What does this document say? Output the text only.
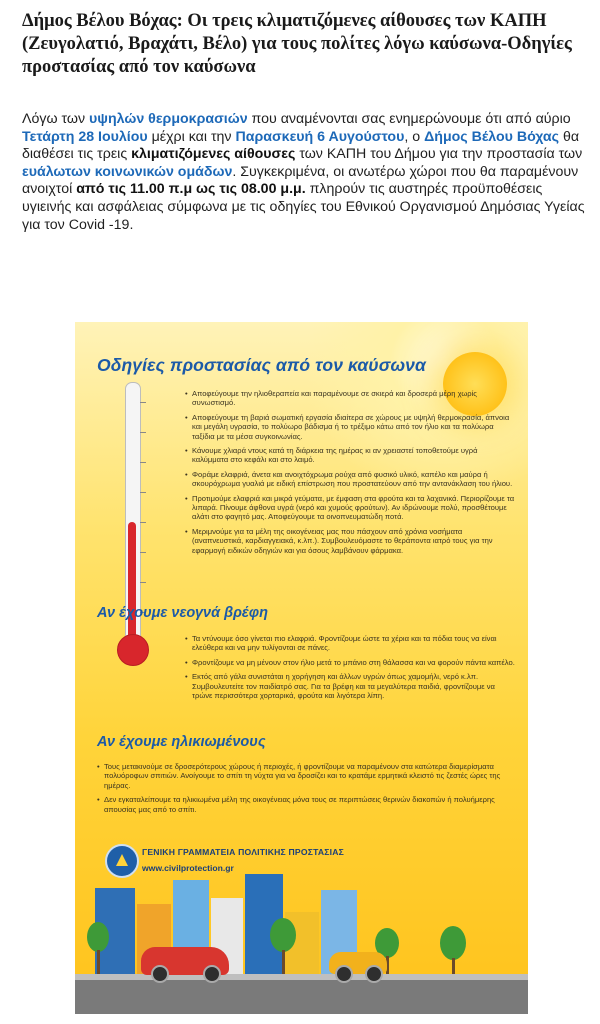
Δήμος Βέλου Βόχας: Οι τρεις κλιματιζόμενες αίθουσες των ΚΑΠΗ (Ζευγολατιό, Βραχάτι, Βέλο) για τους πολίτες λόγω καύσωνα-Οδηγίες προστασίας από τον καύσωνα

Λόγω των υψηλών θερμοκρασιών που αναμένονται σας ενημερώνουμε ότι από αύριο Τετάρτη 28 Ιουλίου μέχρι και την Παρασκευή 6 Αυγούστου, ο Δήμος Βέλου Βόχας θα διαθέσει τις τρεις κλιματιζόμενες αίθουσες των ΚΑΠΗ του Δήμου για την προστασία των ευάλωτων κοινωνικών ομάδων. Συγκεκριμένα, οι ανωτέρω χώροι που θα παραμένουν ανοιχτοί από τις 11.00 π.μ ως τις 08.00 μ.μ. πληρούν τις αυστηρές προϋποθέσεις υγιεινής και ασφάλειας σύμφωνα με τις οδηγίες του Εθνικού Οργανισμού Δημόσιας Υγείας για τον Covid -19.

Οδηγίες προστασίας από τον καύσωνα
• Αποφεύγουμε την ηλιοθεραπεία και παραμένουμε σε σκιερά και δροσερά μέρη χωρίς συνωστισμό.
• Αποφεύγουμε τη βαριά σωματική εργασία ιδιαίτερα σε χώρους με υψηλή θερμοκρασία, άπνοια και μεγάλη υγρασία, το πολύωρο βάδισμα ή το τρέξιμο κάτω από τον ήλιο και τα πολύωρα ταξίδια με τα μέσα συγκοινωνίας.
• Κάνουμε χλιαρά ντους κατά τη διάρκεια της ημέρας κι αν χρειαστεί τοποθετούμε υγρά καλύμματα στο κεφάλι και στο λαιμό.
• Φοράμε ελαφριά, άνετα και ανοιχτόχρωμα ρούχα από φυσικό υλικό, καπέλο και μαύρα ή σκουρόχρωμα γυαλιά με ειδική επίστρωση που προστατεύουν από την αντανάκλαση του ήλιου.
• Προτιμούμε ελαφριά και μικρά γεύματα, με έμφαση στα φρούτα και τα λαχανικά. Περιορίζουμε τα λιπαρά. Πίνουμε άφθονα υγρά (νερό και χυμούς φρούτων). Αν ιδρώνουμε πολύ, προσθέτουμε αλάτι στο φαγητό μας. Αποφεύγουμε τα οινοπνευματώδη ποτά.
• Μεριμνούμε για τα μέλη της οικογένειας μας που πάσχουν από χρόνια νοσήματα (αναπνευστικά, καρδιαγγειακά, κ.λπ.). Συμβουλευόμαστε το θεράποντα ιατρό τους για την εφαρμογή ειδικών οδηγιών και για όσους λαμβάνουν φάρμακα.
Αν έχουμε νεογνά βρέφη
• Τα ντύνουμε όσο γίνεται πιο ελαφριά. Φροντίζουμε ώστε τα χέρια και τα πόδια τους να είναι ελεύθερα και να μην τυλίγονται σε πάνες.
• Φροντίζουμε να μη μένουν στον ήλιο μετά το μπάνιο στη θάλασσα και να φορούν πάντα καπέλο.
• Εκτός από γάλα συνιστάται η χορήγηση και άλλων υγρών όπως χαμομήλι, νερό κ.λπ. Συμβουλευτείτε τον παιδίατρό σας. Για τα βρέφη και τα μεγαλύτερα παιδιά, φροντίζουμε να τρώνε περισσότερα χορταρικά, φρούτα και λιγότερα λίπη.
Αν έχουμε ηλικιωμένους
• Τους μετακινούμε σε δροσερότερους χώρους ή περιοχές, ή φροντίζουμε να παραμένουν στα κατώτερα διαμερίσματα πολυόροφων σπιτιών. Ανοίγουμε το σπίτι τη νύχτα για να δροσίζει και το κρατάμε ερμητικά κλειστό τις ζεστές ώρες της ημέρας.
• Δεν εγκαταλείπουμε τα ηλικιωμένα μέλη της οικογένειας μόνα τους σε περιπτώσεις θερινών διακοπών ή πολυήμερης απουσίας μας από το σπίτι.
ΓΕΝΙΚΗ ΓΡΑΜΜΑΤΕΙΑ ΠΟΛΙΤΙΚΗΣ ΠΡΟΣΤΑΣΙΑΣ
www.civilprotection.gr
